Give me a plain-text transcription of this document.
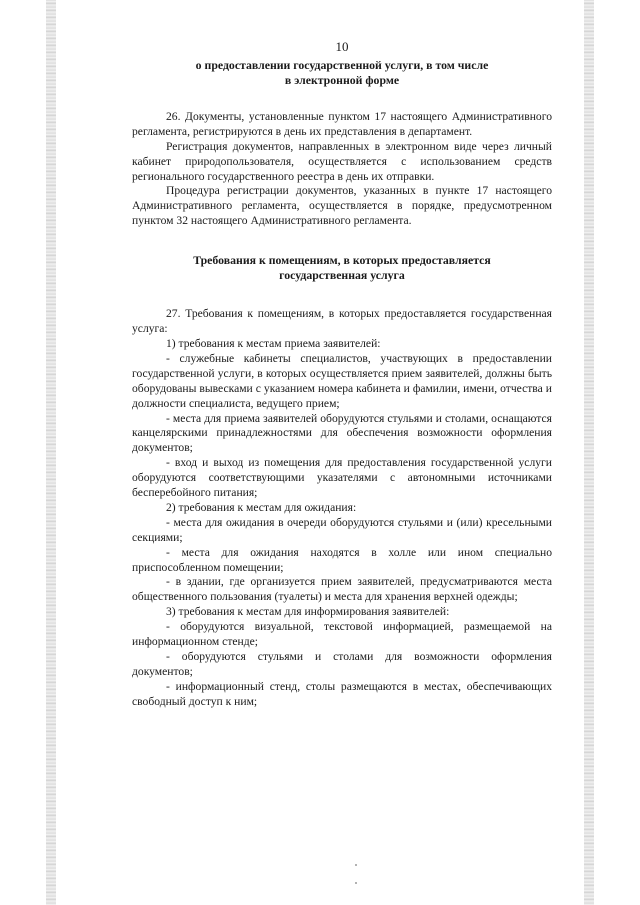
10
о предоставлении государственной услуги, в том числе
в электронной форме
26. Документы, установленные пунктом 17 настоящего Административного регламента, регистрируются в день их представления в департамент.
Регистрация документов, направленных в электронном виде через личный кабинет природопользователя, осуществляется с использованием средств регионального государственного реестра в день их отправки.
Процедура регистрации документов, указанных в пункте 17 настоящего Административного регламента, осуществляется в порядке, предусмотренном пунктом 32 настоящего Административного регламента.
Требования к помещениям, в которых предоставляется
государственная услуга
27. Требования к помещениям, в которых предоставляется государственная услуга:
1) требования к местам приема заявителей:
- служебные кабинеты специалистов, участвующих в предоставлении государственной услуги, в которых осуществляется прием заявителей, должны быть оборудованы вывесками с указанием номера кабинета и фамилии, имени, отчества и должности специалиста, ведущего прием;
- места для приема заявителей оборудуются стульями и столами, оснащаются канцелярскими принадлежностями для обеспечения возможности оформления документов;
- вход и выход из помещения для предоставления государственной услуги оборудуются соответствующими указателями с автономными источниками бесперебойного питания;
2) требования к местам для ожидания:
- места для ожидания в очереди оборудуются стульями и (или) кресельными секциями;
- места для ожидания находятся в холле или ином специально приспособленном помещении;
- в здании, где организуется прием заявителей, предусматриваются места общественного пользования (туалеты) и места для хранения верхней одежды;
3) требования к местам для информирования заявителей:
- оборудуются визуальной, текстовой информацией, размещаемой на информационном стенде;
- оборудуются стульями и столами для возможности оформления документов;
- информационный стенд, столы размещаются в местах, обеспечивающих свободный доступ к ним;
